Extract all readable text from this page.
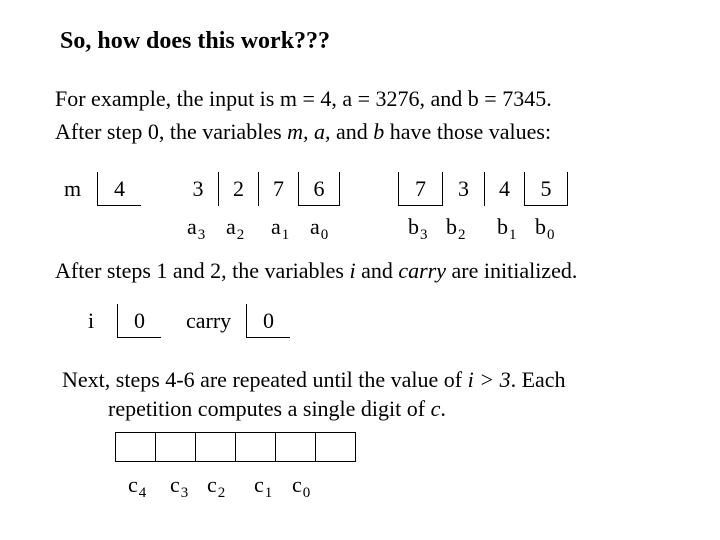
So, how does this work???
For example, the input is m = 4, a = 3276, and b = 7345.
After step 0, the variables m, a, and b have those values:
m	4	3	2	7	6	7	3	4	5
$a_3$ $a_2$ $a_1$ $a_0$	$b_3$ $b_2$ $b_1$ $b_0$
After steps 1 and 2, the variables i and carry are initialized.
i	0	carry	0
Next, steps 4-6 are repeated until the value of i > 3. Each
repetition computes a single digit of c.
$c_4$ $c_3$ $c_2$ $c_1$ $c_0$
